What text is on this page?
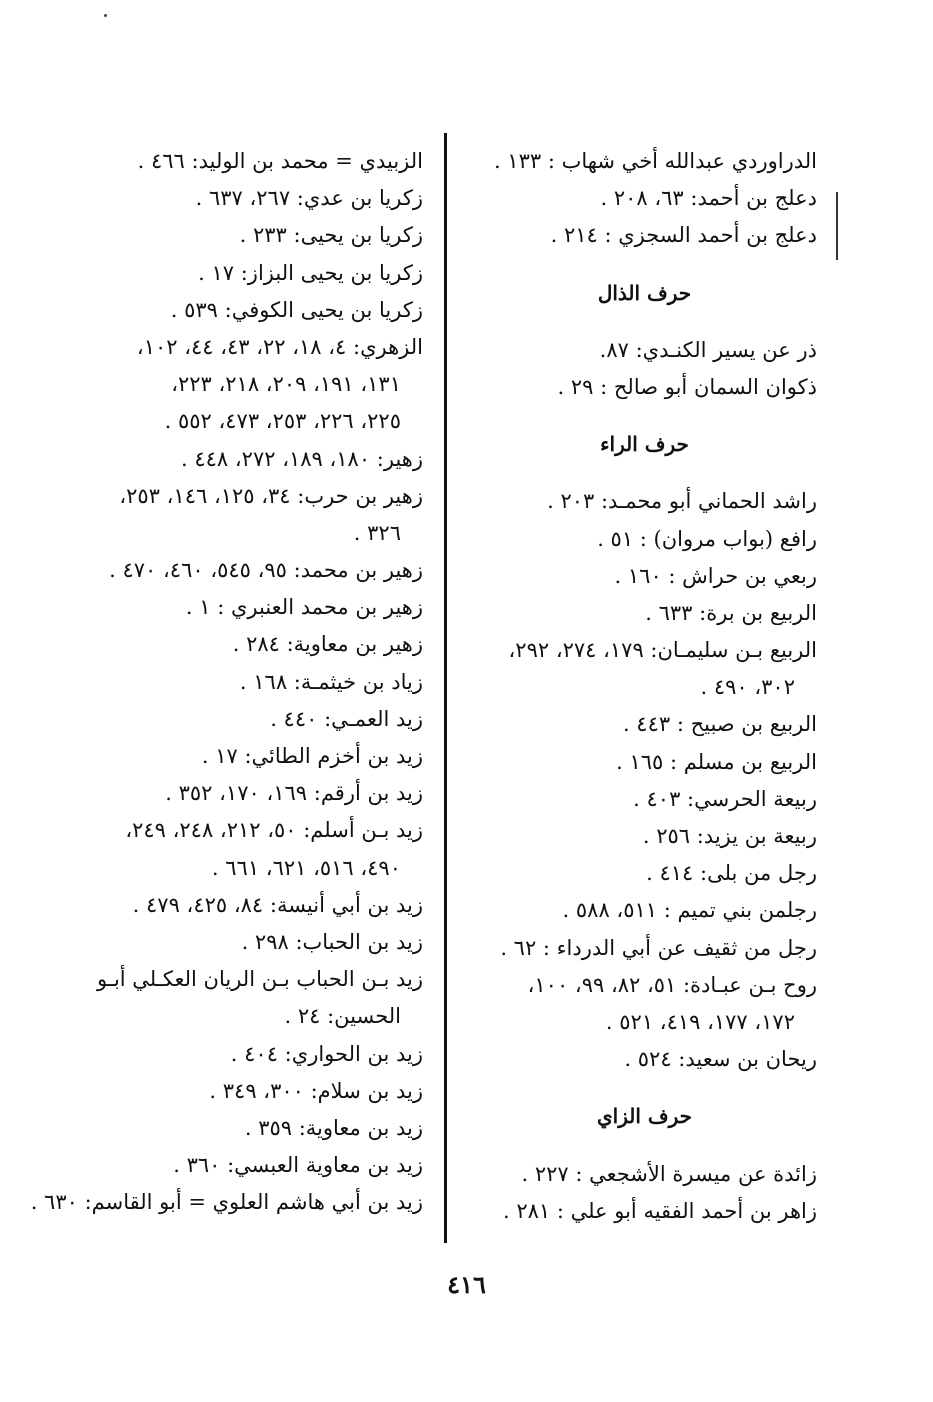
الدراوردي عبدالله أخي شهاب : ١٣٣ .
دعلج بن أحمد: ٦٣، ٢٠٨ .
دعلج بن أحمد السجزي : ٢١٤ .
حرف الذال
ذر عن يسير الكنـدي: ٨٧.
ذكوان السمان أبو صالح : ٢٩ .
حرف الراء
راشد الحماني أبو محمـد: ٢٠٣ .
رافع (بواب مروان) : ٥١ .
ربعي بن حراش : ١٦٠ .
الربيع بن برة: ٦٣٣ .
الربيع بـن سليمـان: ١٧٩، ٢٧٤، ٢٩٢،
٣٠٢، ٤٩٠ .
الربيع بن صبيح : ٤٤٣ .
الربيع بن مسلم : ١٦٥ .
ربيعة الحرسي: ٤٠٣ .
ربيعة بن يزيد: ٢٥٦ .
رجل من بلى: ٤١٤ .
رجلمن بني تميم : ٥١١، ٥٨٨ .
رجل من ثقيف عن أبي الدرداء : ٦٢ .
روح بـن عبـادة: ٥١، ٨٢، ٩٩، ١٠٠،
١٧٢، ١٧٧، ٤١٩، ٥٢١ .
ريحان بن سعيد: ٥٢٤ .
حرف الزاي
زائدة عن ميسرة الأشجعي : ٢٢٧ .
زاهر بن أحمد الفقيه أبو علي : ٢٨١ .
الزبيدي = محمد بن الوليد: ٤٦٦ .
زكريا بن عدي: ٢٦٧، ٦٣٧ .
زكريا بن يحيى: ٢٣٣ .
زكريا بن يحيى البزاز: ١٧ .
زكريا بن يحيى الكوفي: ٥٣٩ .
الزهري: ٤، ١٨، ٢٢، ٤٣، ٤٤، ١٠٢،
١٣١، ١٩١، ٢٠٩، ٢١٨، ٢٢٣،
٢٢٥، ٢٢٦، ٢٥٣، ٤٧٣، ٥٥٢ .
زهير: ١٨٠، ١٨٩، ٢٧٢، ٤٤٨ .
زهير بن حرب: ٣٤، ١٢٥، ١٤٦، ٢٥٣،
٣٢٦ .
زهير بن محمد: ٩٥، ٥٤٥، ٤٦٠، ٤٧٠ .
زهير بن محمد العنبري : ١ .
زهير بن معاوية: ٢٨٤ .
زياد بن خيثمـة: ١٦٨ .
زيد العمـي: ٤٤٠ .
زيد بن أخزم الطائي: ١٧ .
زيد بن أرقم: ١٦٩، ١٧٠، ٣٥٢ .
زيد بـن أسلم: ٥٠، ٢١٢، ٢٤٨، ٢٤٩،
٤٩٠، ٥١٦، ٦٢١، ٦٦١ .
زيد بن أبي أنيسة: ٨٤، ٤٢٥، ٤٧٩ .
زيد بن الحباب: ٢٩٨ .
زيد بـن الحباب بـن الريان العكـلي أبـو
الحسين: ٢٤ .
زيد بن الحواري: ٤٠٤ .
زيد بن سلام: ٣٠٠، ٣٤٩ .
زيد بن معاوية: ٣٥٩ .
زيد بن معاوية العبسي: ٣٦٠ .
زيد بن أبي هاشم العلوي = أبو القاسم: ٦٣٠ .
٤١٦
